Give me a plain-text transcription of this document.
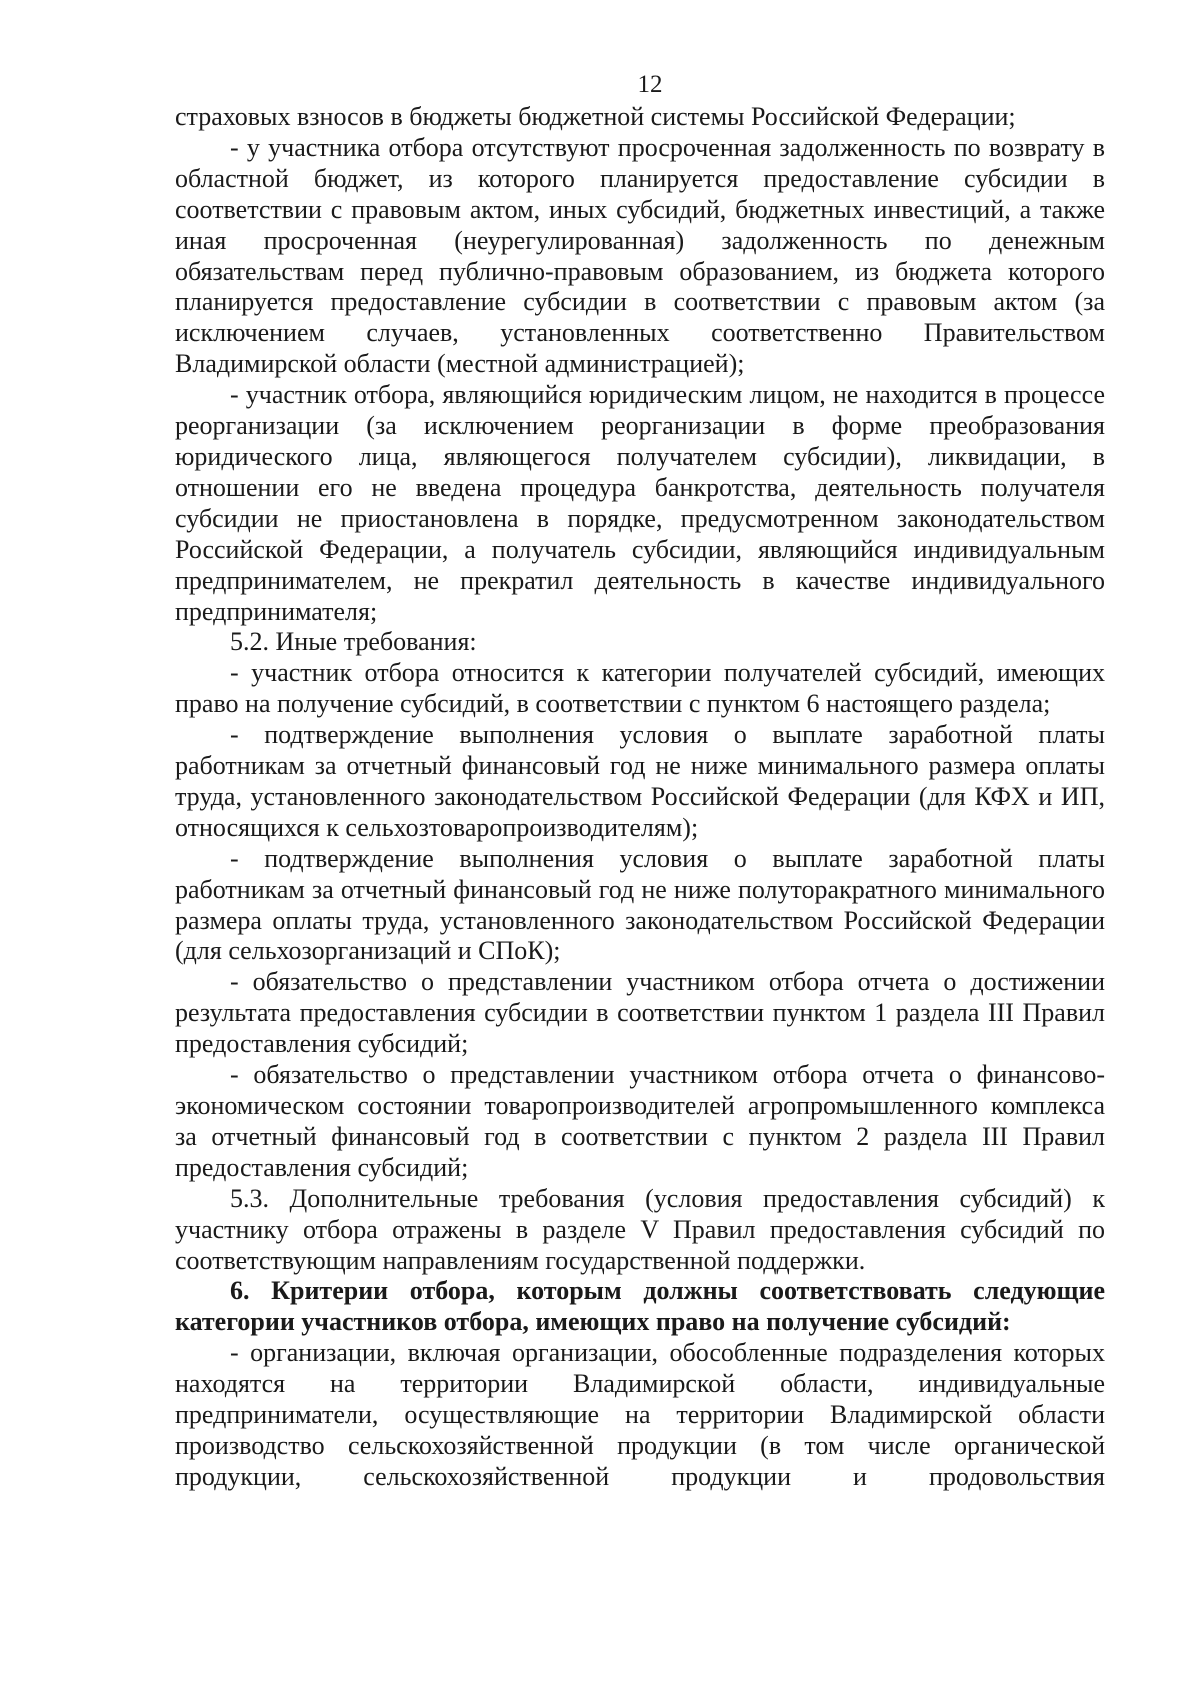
12

страховых взносов в бюджеты бюджетной системы Российской Федерации;

- у участника отбора отсутствуют просроченная задолженность по возврату в областной бюджет, из которого планируется предоставление субсидии в соответствии с правовым актом, иных субсидий, бюджетных инвестиций, а также иная просроченная (неурегулированная) задолженность по денежным обязательствам перед публично-правовым образованием, из бюджета которого планируется предоставление субсидии в соответствии с правовым актом (за исключением случаев, установленных соответственно Правительством Владимирской области (местной администрацией);

- участник отбора, являющийся юридическим лицом, не находится в процессе реорганизации (за исключением реорганизации в форме преобразования юридического лица, являющегося получателем субсидии), ликвидации, в отношении его не введена процедура банкротства, деятельность получателя субсидии не приостановлена в порядке, предусмотренном законодательством Российской Федерации, а получатель субсидии, являющийся индивидуальным предпринимателем, не прекратил деятельность в качестве индивидуального предпринимателя;

5.2. Иные требования:

- участник отбора относится к категории получателей субсидий, имеющих право на получение субсидий, в соответствии с пунктом 6 настоящего раздела;

- подтверждение выполнения условия о выплате заработной платы работникам за отчетный финансовый год не ниже минимального размера оплаты труда, установленного законодательством Российской Федерации (для КФХ и ИП, относящихся к сельхозтоваропроизводителям);

- подтверждение выполнения условия о выплате заработной платы работникам за отчетный финансовый год не ниже полуторакратного минимального размера оплаты труда, установленного законодательством Российской Федерации (для сельхозорганизаций и СПоК);

- обязательство о представлении участником отбора отчета о достижении результата предоставления субсидии в соответствии пунктом 1 раздела III Правил предоставления субсидий;

- обязательство о представлении участником отбора отчета о финансово-экономическом состоянии товаропроизводителей агропромышленного комплекса за отчетный финансовый год в соответствии с пунктом 2 раздела III Правил предоставления субсидий;

5.3. Дополнительные требования (условия предоставления субсидий) к участнику отбора отражены в разделе V Правил предоставления субсидий по соответствующим направлениям государственной поддержки.

6. Критерии отбора, которым должны соответствовать следующие категории участников отбора, имеющих право на получение субсидий:

- организации, включая организации, обособленные подразделения которых находятся на территории Владимирской области, индивидуальные предприниматели, осуществляющие на территории Владимирской области производство сельскохозяйственной продукции (в том числе органической продукции, сельскохозяйственной продукции и продовольствия
